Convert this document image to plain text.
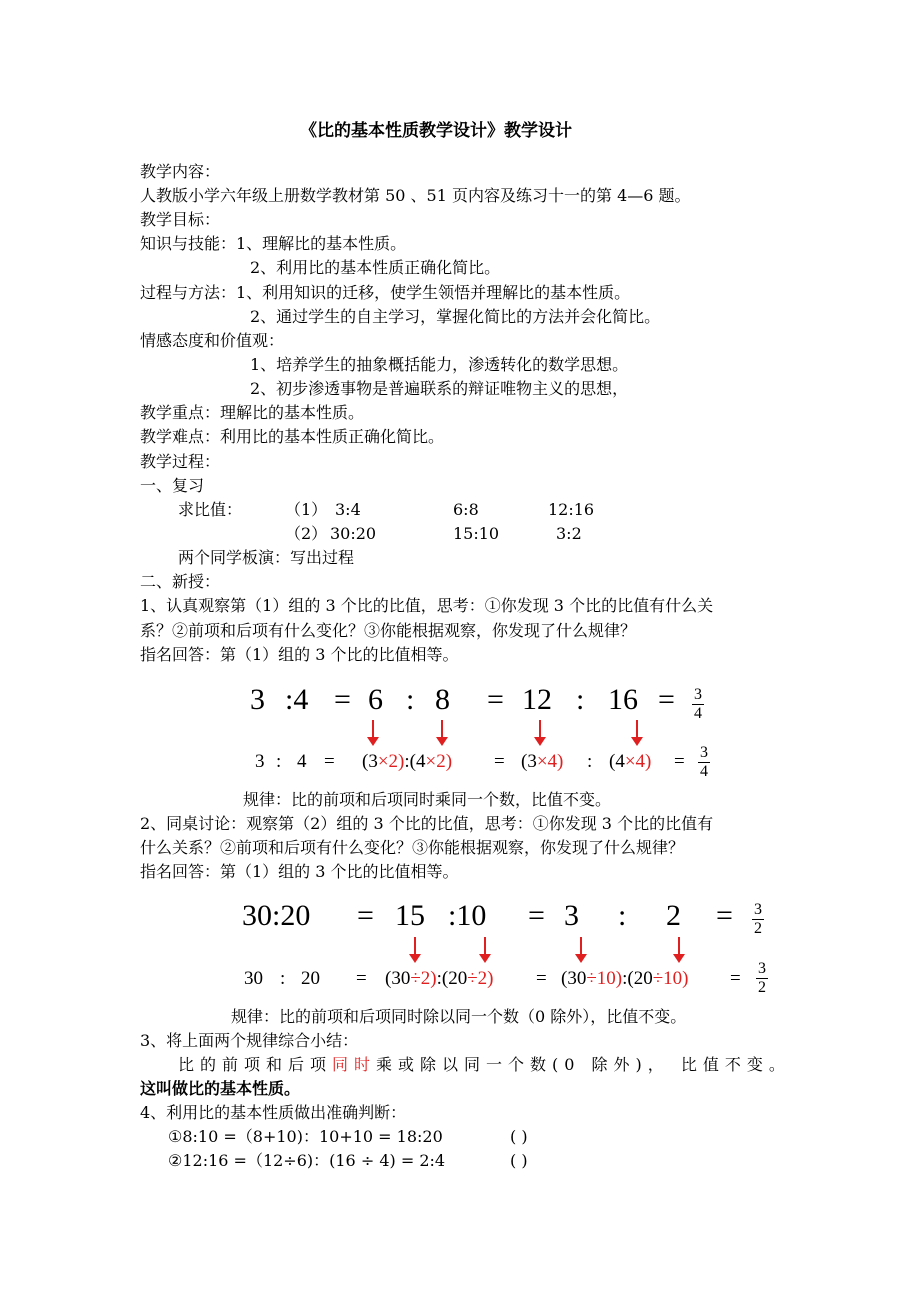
《比的基本性质教学设计》教学设计
教学内容：
人教版小学六年级上册数学教材第 50 、51 页内容及练习十一的第 4—6 题。
教学目标：
知识与技能：1、理解比的基本性质。
2、利用比的基本性质正确化简比。
过程与方法：1、利用知识的迁移，使学生领悟并理解比的基本性质。
2、通过学生的自主学习，掌握化简比的方法并会化简比。
情感态度和价值观：
1、培养学生的抽象概括能力，渗透转化的数学思想。
2、初步渗透事物是普遍联系的辩证唯物主义的思想，
教学重点：理解比的基本性质。
教学难点：利用比的基本性质正确化简比。
教学过程：
一、复习
求比值：	（1） 3:4	6:8	12:16
（2） 30:20	15:10	3:2
两个同学板演：写出过程
二、新授：
1、认真观察第（1）组的 3 个比的比值，思考：①你发现 3 个比的比值有什么关
系？②前项和后项有什么变化？③你能根据观察，你发现了什么规律？
指名回答：第（1）组的 3 个比的比值相等。
3 :4 = 6 : 8 = 12 : $16 = \frac{3}{4}$
3 : 4 = (3×2):(4×2) = (3×4) : $(4\times 4) = \frac{3}{4}$
规律：比的前项和后项同时乘同一个数，比值不变。
2、同桌讨论：观察第（2）组的 3 个比的比值，思考：①你发现 3 个比的比值有
什么关系？②前项和后项有什么变化？③你能根据观察，你发现了什么规律？
指名回答：第（1）组的 3 个比的比值相等。
30:20 = 15 :10 = 3 : $2 = \frac{3}{2}$
30 : 20 = (30÷2):(20÷2) = (30÷10):(20÷10) = $\frac{3}{2}$
规律：比的前项和后项同时除以同一个数（0 除外），比值不变。
3、将上面两个规律综合小结：
比的前项和后项同时乘或除以同一个数(0 除外)， 比值不变。
这叫做比的基本性质。
4、利用比的基本性质做出准确判断：
①8:10 =（8+10)：10+10 = 18:20	( )
②12:16 =（12÷6)：(16 ÷ 4) = 2:4	( )
